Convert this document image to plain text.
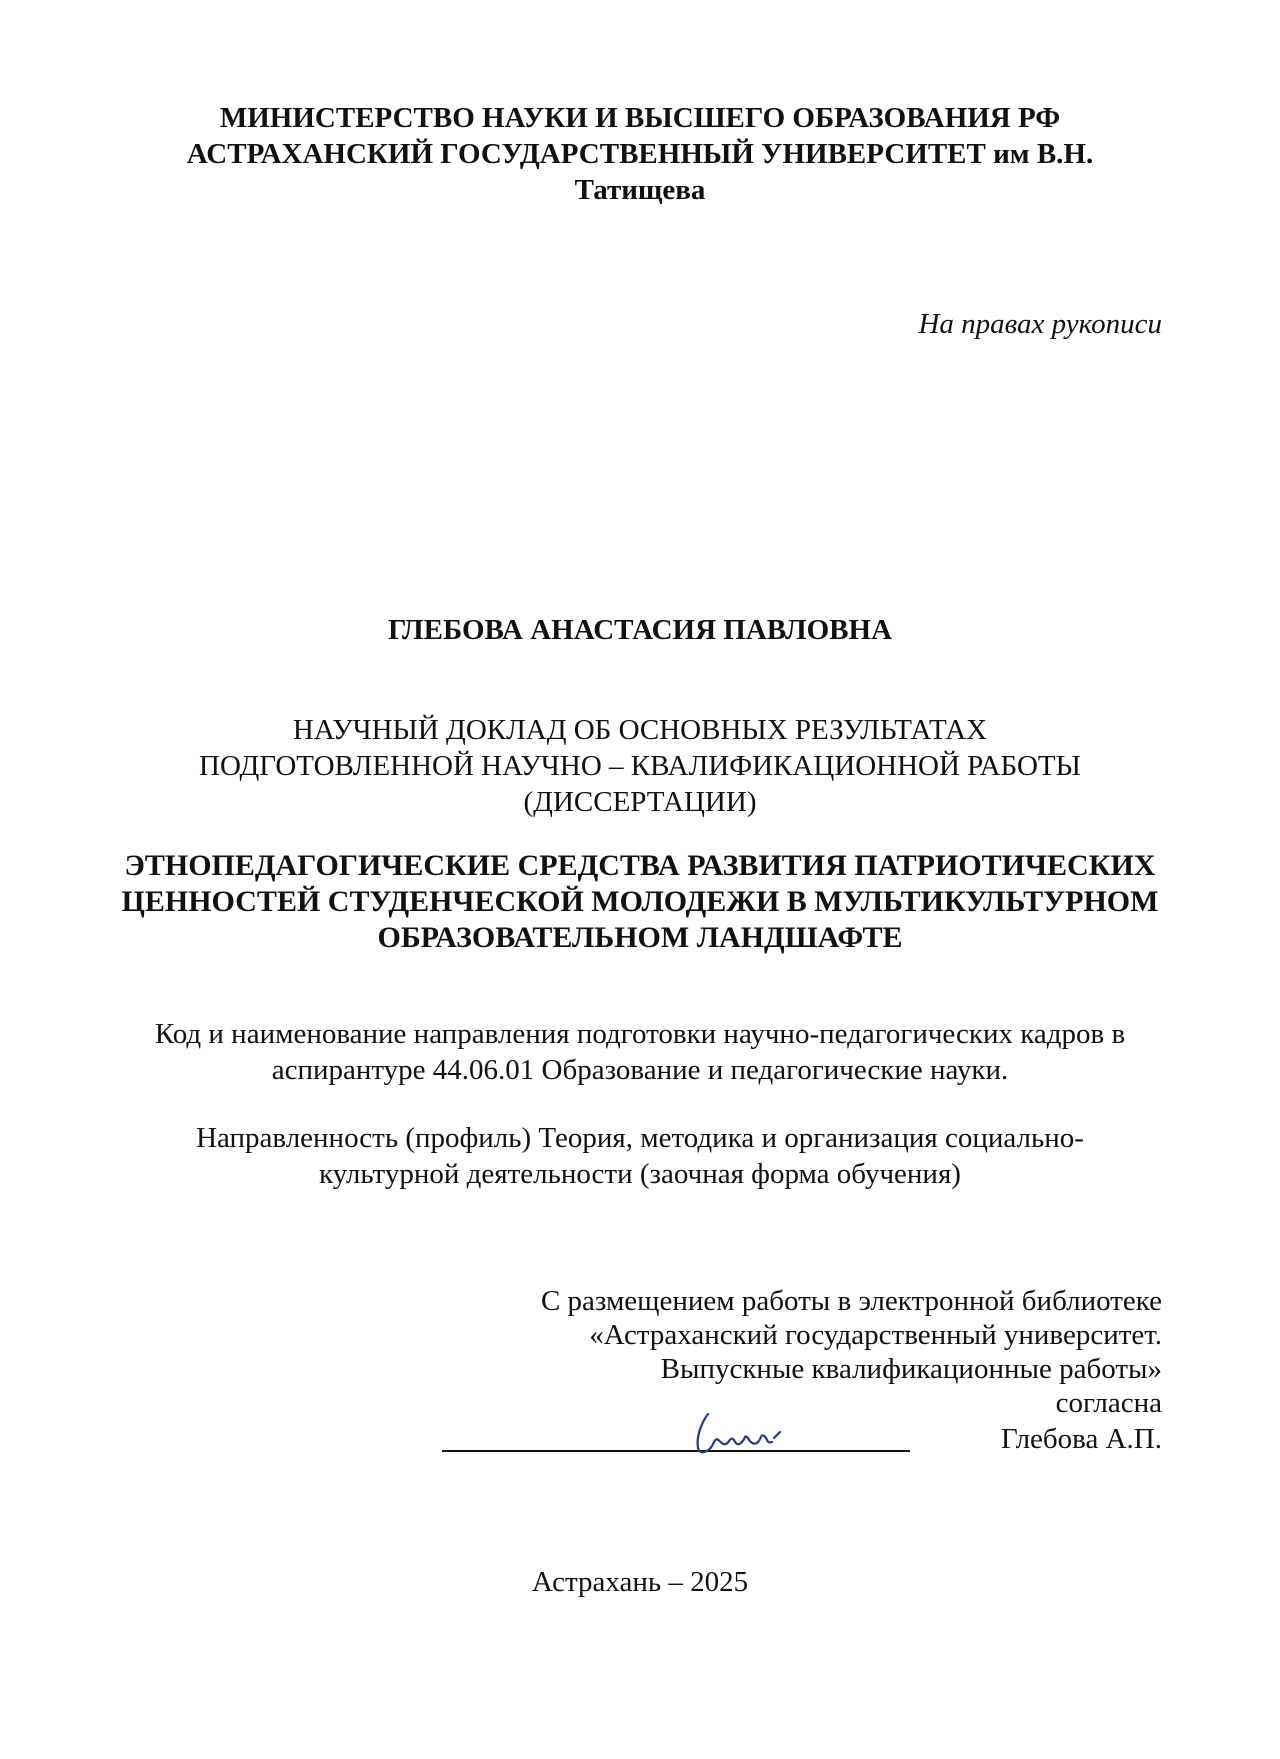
МИНИСТЕРСТВО НАУКИ И ВЫСШЕГО ОБРАЗОВАНИЯ РФ
АСТРАХАНСКИЙ ГОСУДАРСТВЕННЫЙ УНИВЕРСИТЕТ им В.Н.
Татищева
На правах рукописи
ГЛЕБОВА АНАСТАСИЯ ПАВЛОВНА
НАУЧНЫЙ ДОКЛАД ОБ ОСНОВНЫХ РЕЗУЛЬТАТАХ
ПОДГОТОВЛЕННОЙ НАУЧНО – КВАЛИФИКАЦИОННОЙ РАБОТЫ
(ДИССЕРТАЦИИ)
ЭТНОПЕДАГОГИЧЕСКИЕ СРЕДСТВА РАЗВИТИЯ ПАТРИОТИЧЕСКИХ
ЦЕННОСТЕЙ СТУДЕНЧЕСКОЙ МОЛОДЕЖИ В МУЛЬТИКУЛЬТУРНОМ
ОБРАЗОВАТЕЛЬНОМ ЛАНДШАФТЕ
Код и наименование направления подготовки научно-педагогических кадров в
аспирантуре 44.06.01 Образование и педагогические науки.
Направленность (профиль) Теория, методика и организация социально-
культурной деятельности (заочная форма обучения)
С размещением работы в электронной библиотеке
«Астраханский государственный университет.
Выпускные квалификационные работы»
согласна
Глебова А.П.
Астрахань – 2025
